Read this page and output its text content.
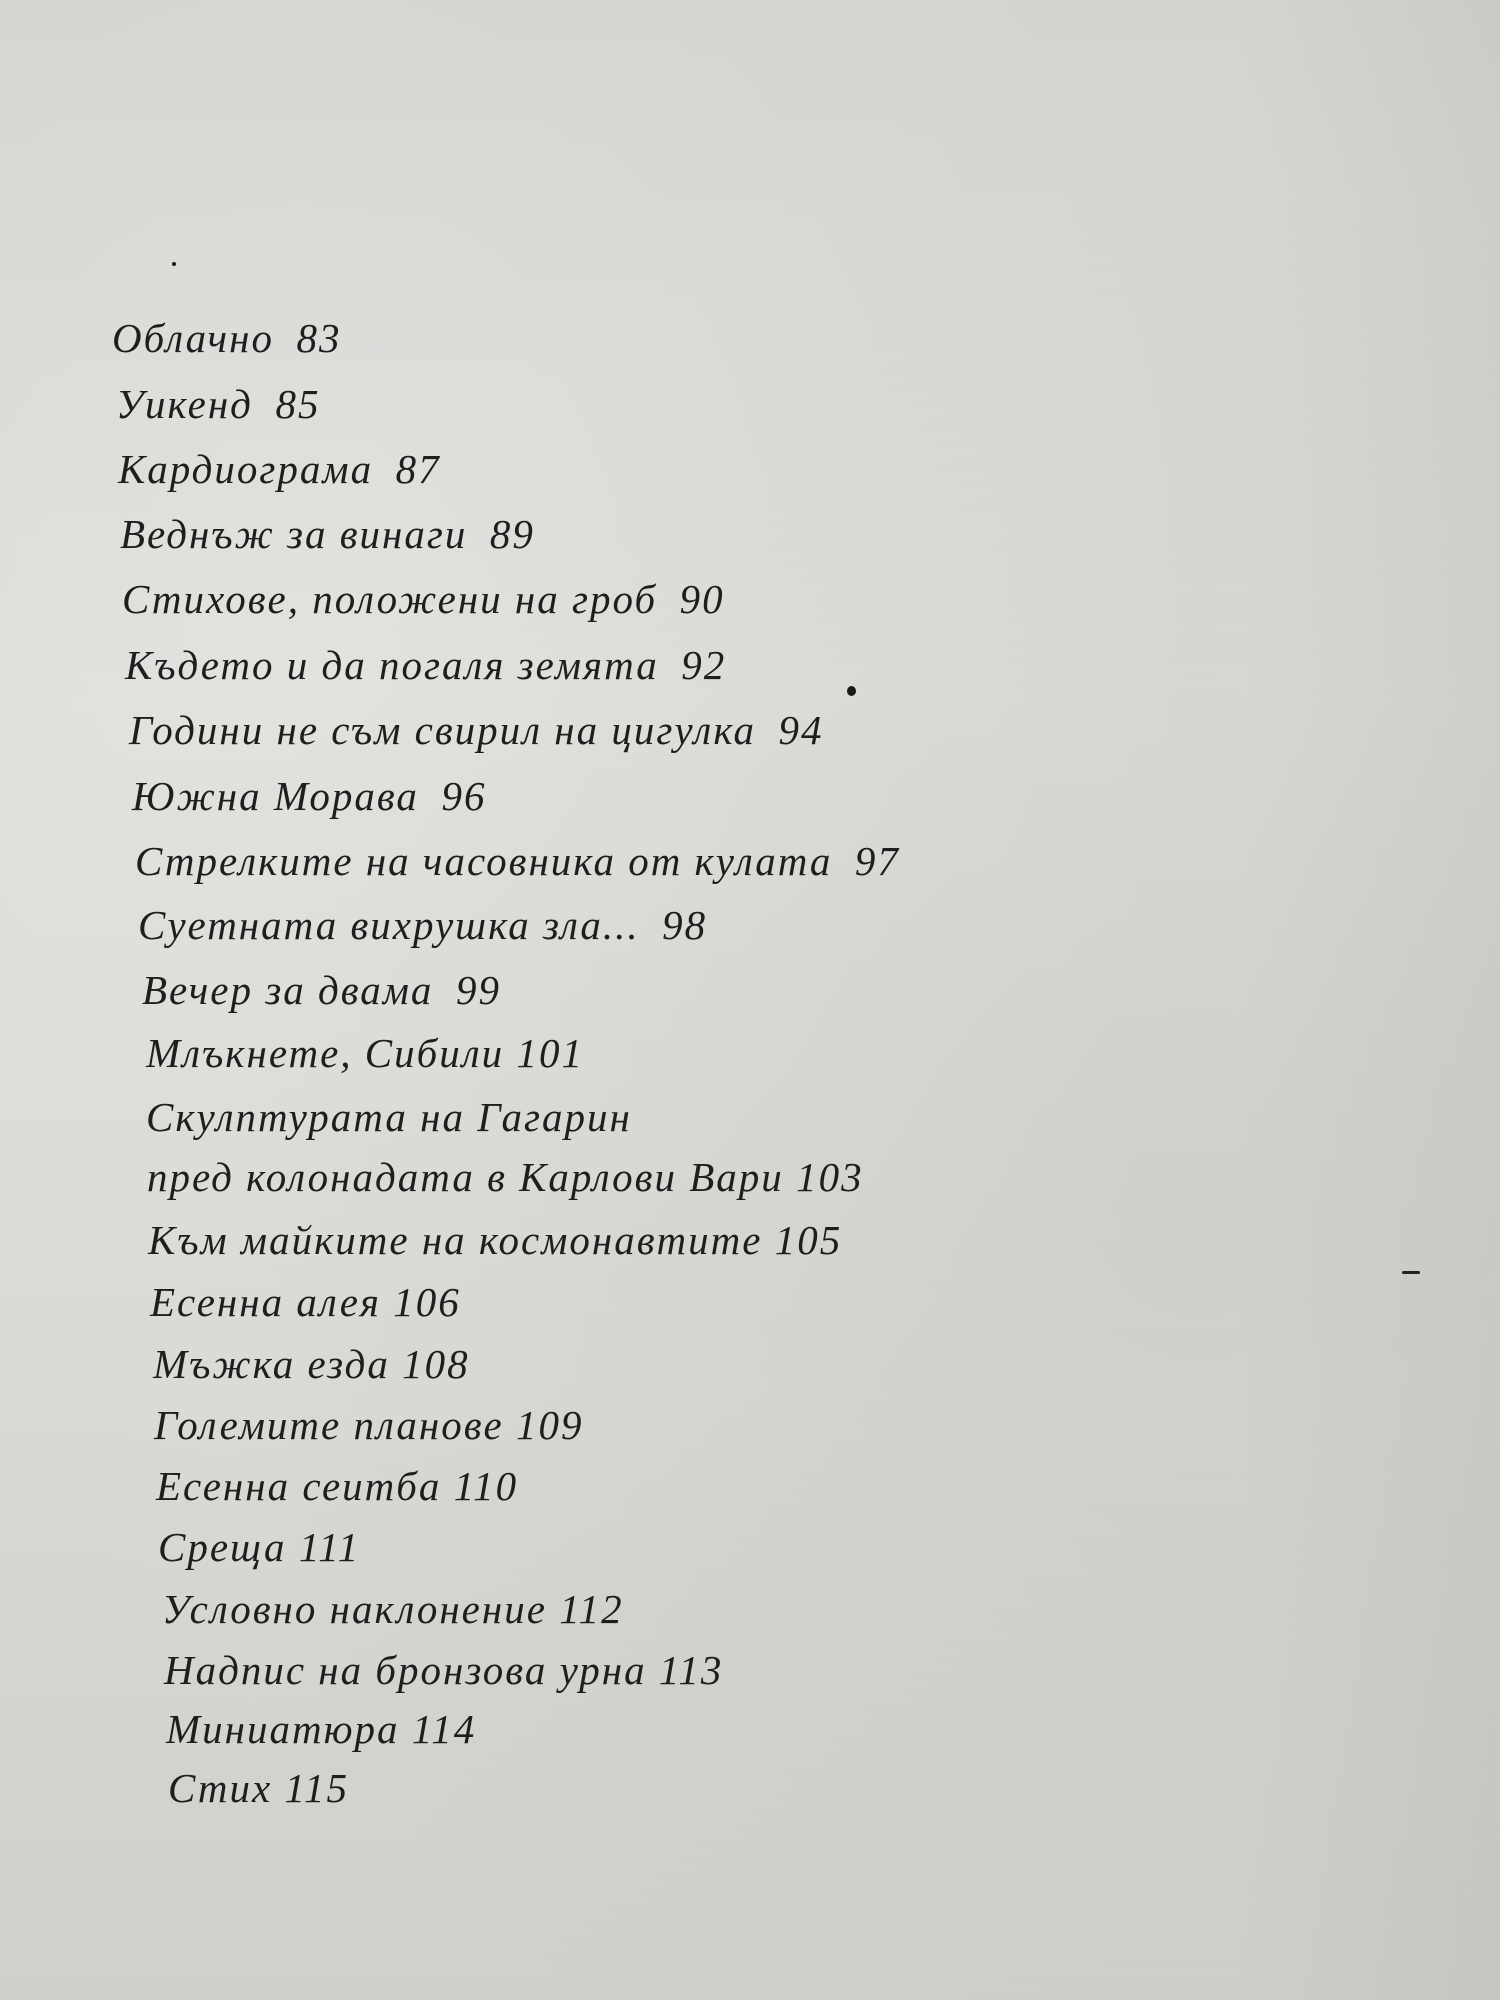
Облачно 83
Уикенд 85
Кардиограма 87
Веднъж за винаги 89
Стихове, положени на гроб 90
Където и да погаля земята 92
Години не съм свирил на цигулка 94
Южна Морава 96
Стрелките на часовника от кулата 97
Суетната вихрушка зла... 98
Вечер за двама 99
Млъкнете, Сибили 101
Скулптурата на Гагарин
пред колонадата в Карлови Вари 103
Към майките на космонавтите 105
Есенна алея 106
Мъжка езда 108
Големите планове 109
Есенна сеитба 110
Среща 111
Условно наклонение 112
Надпис на бронзова урна 113
Миниатюра 114
Стих 115
